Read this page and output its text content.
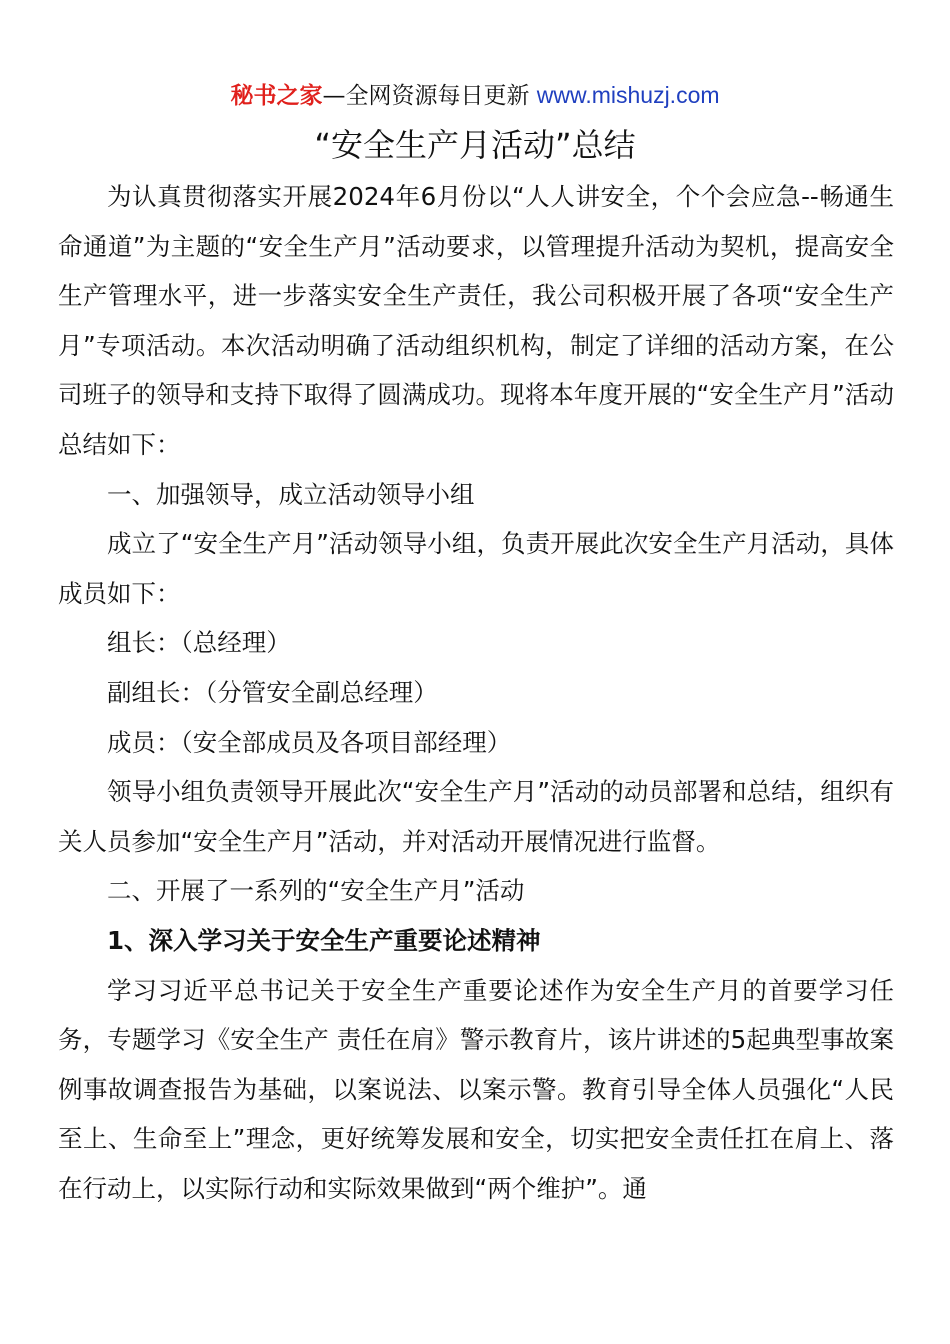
秘书之家—全网资源每日更新 www.mishuzj.com
“安全生产月活动”总结

为认真贯彻落实开展2024年6月份以“人人讲安全，个个会应急--畅通生命通道”为主题的“安全生产月”活动要求，以管理提升活动为契机，提高安全生产管理水平，进一步落实安全生产责任，我公司积极开展了各项“安全生产月”专项活动。本次活动明确了活动组织机构，制定了详细的活动方案，在公司班子的领导和支持下取得了圆满成功。现将本年度开展的“安全生产月”活动总结如下：

一、加强领导，成立活动领导小组

成立了“安全生产月”活动领导小组，负责开展此次安全生产月活动，具体成员如下：

组长：（总经理）

副组长：（分管安全副总经理）

成员：（安全部成员及各项目部经理）

领导小组负责领导开展此次“安全生产月”活动的动员部署和总结，组织有关人员参加“安全生产月”活动，并对活动开展情况进行监督。

二、开展了一系列的“安全生产月”活动

1、深入学习关于安全生产重要论述精神

学习习近平总书记关于安全生产重要论述作为安全生产月的首要学习任务，专题学习《安全生产 责任在肩》警示教育片，该片讲述的5起典型事故案例事故调查报告为基础，以案说法、以案示警。教育引导全体人员强化“人民至上、生命至上”理念，更好统筹发展和安全，切实把安全责任扛在肩上、落在行动上，以实际行动和实际效果做到“两个维护”。通
